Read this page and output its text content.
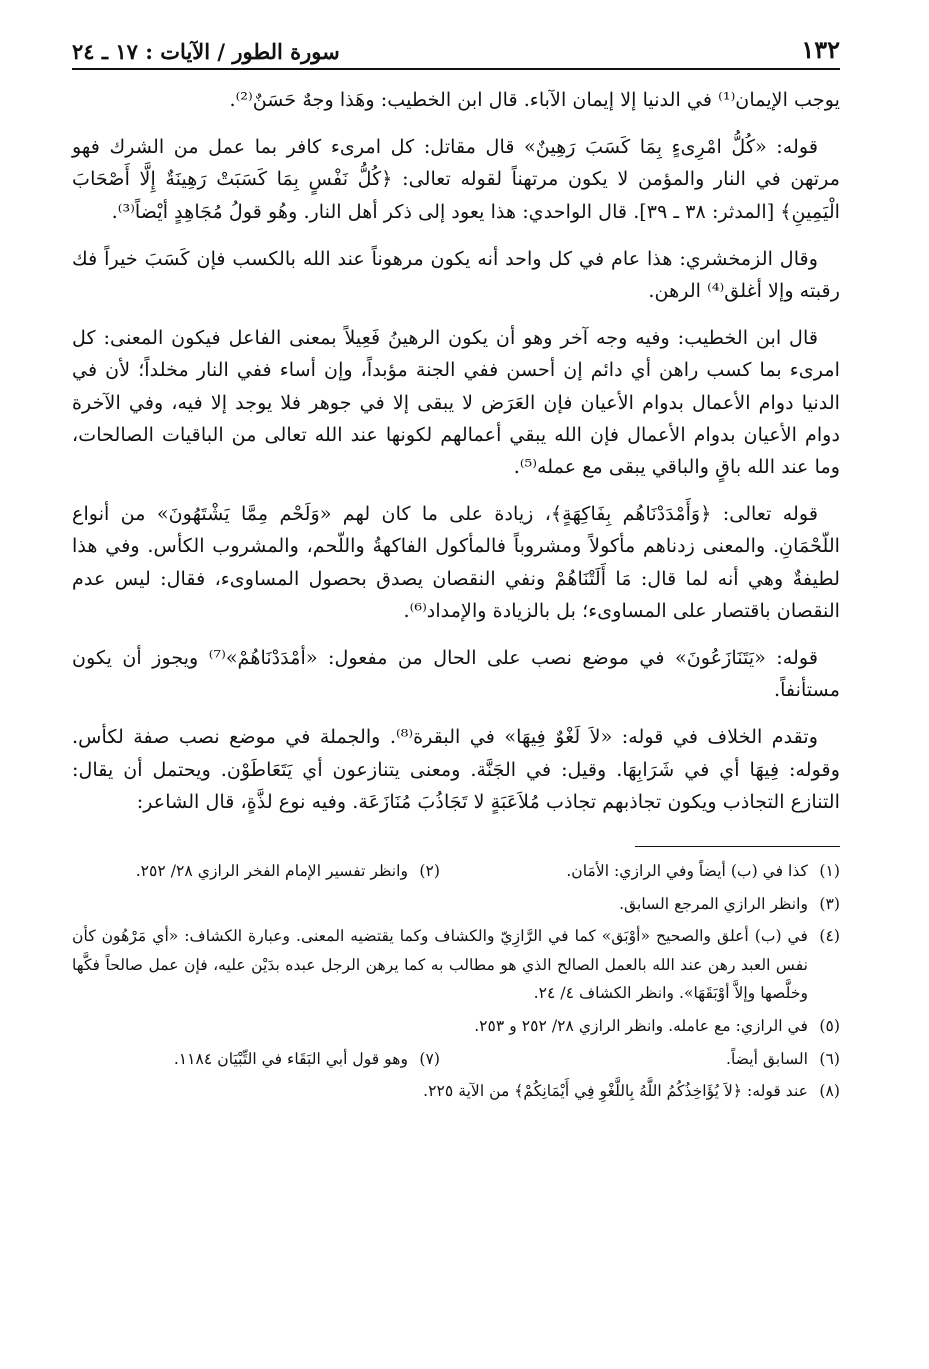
١٣٢
سورة الطور / الآيات : ١٧ ـ ٢٤

يوجب الإيمان⁽¹⁾ في الدنيا إلا إيمان الآباء. قال ابن الخطيب: وهَذا وجهٌ حَسَنٌ⁽²⁾.

قوله: «كُلُّ امْرِىءٍ بِمَا كَسَبَ رَهِينٌ» قال مقاتل: كل امرىء كافر بما عمل من الشرك فهو مرتهن في النار والمؤمن لا يكون مرتهناً لقوله تعالى: ﴿كُلُّ نَفْسٍ بِمَا كَسَبَتْ رَهِينَةٌ إِلَّا أَصْحَابَ الْيَمِينِ﴾ [المدثر: ٣٨ ـ ٣٩]. قال الواحدي: هذا يعود إلى ذكر أهل النار. وهُو قولُ مُجَاهِدٍ أيْضاً⁽³⁾.

وقال الزمخشري: هذا عام في كل واحد أنه يكون مرهوناً عند الله بالكسب فإن كَسَبَ خيراً فك رقبته وإلا أغلق⁽⁴⁾ الرهن.

قال ابن الخطيب: وفيه وجه آخر وهو أن يكون الرهينُ فَعِيلاً بمعنى الفاعل فيكون المعنى: كل امرىء بما كسب راهن أي دائم إن أحسن ففي الجنة مؤبداً، وإن أساء ففي النار مخلداً؛ لأن في الدنيا دوام الأعمال بدوام الأعيان فإن العَرَض لا يبقى إلا في جوهر فلا يوجد إلا فيه، وفي الآخرة دوام الأعيان بدوام الأعمال فإن الله يبقي أعمالهم لكونها عند الله تعالى من الباقيات الصالحات، وما عند الله باقٍ والباقي يبقى مع عمله⁽⁵⁾.

قوله تعالى: ﴿وَأَمْدَدْنَاهُم بِفَاكِهَةٍ﴾، زيادة على ما كان لهم «وَلَحْم مِمَّا يَشْتَهُونَ» من أنواع اللّحْمَانِ. والمعنى زدناهم مأكولاً ومشروباً فالمأكول الفاكهةُ واللّحم، والمشروب الكأس. وفي هذا لطيفةٌ وهي أنه لما قال: مَا أَلَتْنَاهُمْ ونفي النقصان يصدق بحصول المساوىء، فقال: ليس عدم النقصان باقتصار على المساوىء؛ بل بالزيادة والإمداد⁽⁶⁾.

قوله: «يَتَنَازَعُونَ» في موضع نصب على الحال من مفعول: «أمْدَدْنَاهُمْ»⁽⁷⁾ ويجوز أن يكون مستأنفاً.

وتقدم الخلاف في قوله: «لاَ لَغْوٌ فِيهَا» في البقرة⁽⁸⁾. والجملة في موضع نصب صفة لكأس. وقوله: فِيهَا أي في شَرَابِهَا. وقيل: في الجَنَّة. ومعنى يتنازعون أي يَتَعَاطَوْن. ويحتمل أن يقال: التنازع التجاذب ويكون تجاذبهم تجاذب مُلاَعَبَةٍ لا تَجَاذُبَ مُنَازَعَة. وفيه نوع لذَّةٍ، قال الشاعر:

(١)
كذا في (ب) أيضاً وفي الرازي: الأمَان.
(٢)
وانظر تفسير الإمام الفخر الرازي ٢٨/ ٢٥٢.
(٣)
وانظر الرازي المرجع السابق.
(٤)
في (ب) أعلق والصحيح «أوْبَق» كما في الرَّازِيّ والكشاف وكما يقتضيه المعنى. وعبارة الكشاف: «أي مَرْهُون كأن نفس العبد رهن عند الله بالعمل الصالح الذي هو مطالب به كما يرهن الرجل عبده بدَيْن عليه، فإن عمل صالحاً فكَّها وخلَّصها وإلاَّ أوْبَقَهَا». وانظر الكشاف ٤/ ٢٤.
(٥)
في الرازي: مع عامله. وانظر الرازي ٢٨/ ٢٥٢ و ٢٥٣.
(٦)
السابق أيضاً.
(٧)
وهو قول أبي البَقَاء في التِّبْيَان ١١٨٤.
(٨)
عند قوله: ﴿لاَ يُؤَاخِذُكُمُ اللَّهُ بِاللَّغْوِ فِي أَيْمَانِكُمْ﴾ من الآية ٢٢٥.
